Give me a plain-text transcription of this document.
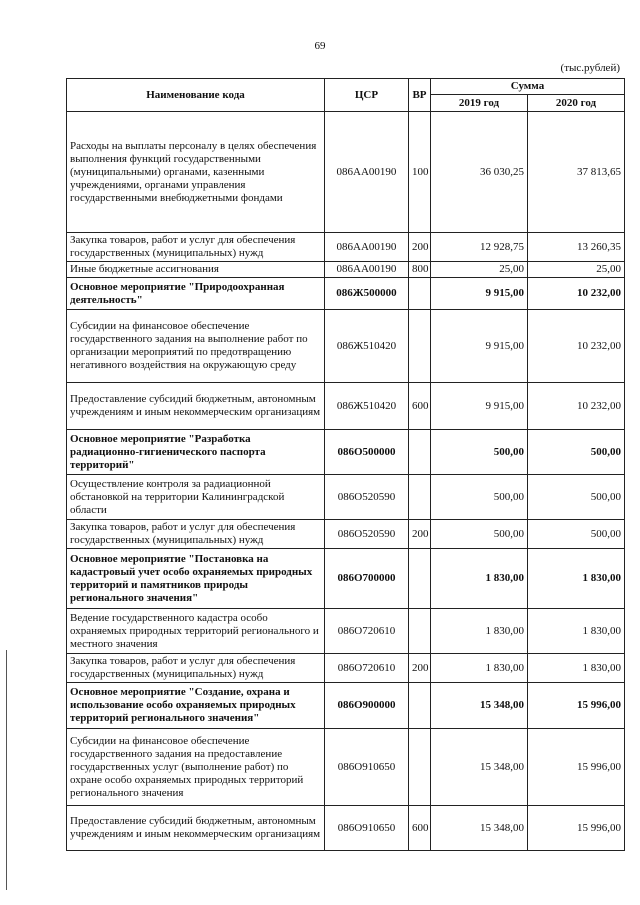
69
(тыс.рублей)
Наименование кода	ЦСР	ВР	Сумма	
			2019 год	2020 год
Расходы на выплаты персоналу в целях обеспечения выполнения функций государственными (муниципальными) органами, казенными учреждениями, органами управления государственными внебюджетными фондами	086АА00190	100	36 030,25	37 813,65
Закупка товаров, работ и услуг для обеспечения государственных (муниципальных) нужд	086АА00190	200	12 928,75	13 260,35
Иные бюджетные ассигнования	086АА00190	800	25,00	25,00
Основное мероприятие "Природоохранная деятельность"	086Ж500000		9 915,00	10 232,00
Субсидии на финансовое обеспечение государственного задания на выполнение работ по организации мероприятий по предотвращению негативного воздействия на окружающую среду	086Ж510420		9 915,00	10 232,00
Предоставление субсидий бюджетным, автономным учреждениям и иным некоммерческим организациям	086Ж510420	600	9 915,00	10 232,00
Основное мероприятие "Разработка радиационно-гигиенического паспорта территорий"	086О500000		500,00	500,00
Осуществление контроля за радиационной обстановкой на территории Калининградской области	086О520590		500,00	500,00
Закупка товаров, работ и услуг для обеспечения государственных (муниципальных) нужд	086О520590	200	500,00	500,00
Основное мероприятие "Постановка на кадастровый учет особо охраняемых природных территорий и памятников природы регионального значения"	086О700000		1 830,00	1 830,00
Ведение государственного кадастра особо охраняемых природных территорий регионального и местного значения	086О720610		1 830,00	1 830,00
Закупка товаров, работ и услуг для обеспечения государственных (муниципальных) нужд	086О720610	200	1 830,00	1 830,00
Основное мероприятие "Создание, охрана и использование особо охраняемых природных территорий регионального значения"	086О900000		15 348,00	15 996,00
Субсидии на финансовое обеспечение государственного задания на предоставление государственных услуг (выполнение работ) по охране особо охраняемых природных территорий регионального значения	086О910650		15 348,00	15 996,00
Предоставление субсидий бюджетным, автономным учреждениям и иным некоммерческим организациям	086О910650	600	15 348,00	15 996,00
